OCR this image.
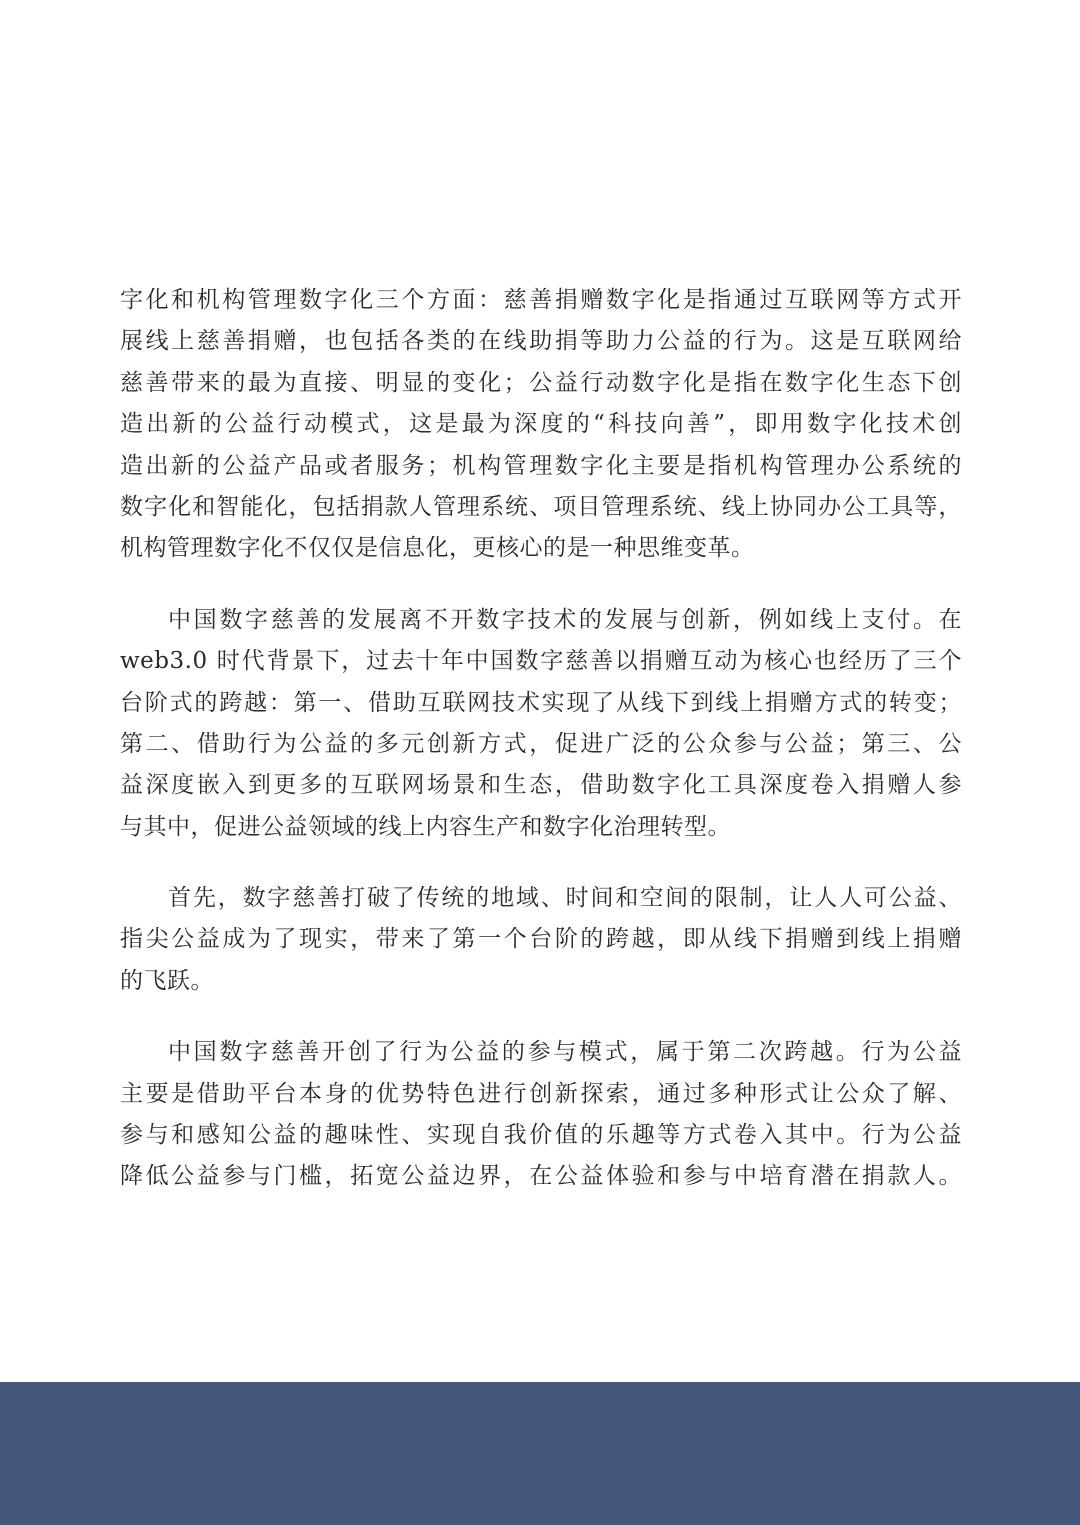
字化和机构管理数字化三个方面：慈善捐赠数字化是指通过互联网等方式开
展线上慈善捐赠，也包括各类的在线助捐等助力公益的行为。这是互联网给
慈善带来的最为直接、明显的变化；公益行动数字化是指在数字化生态下创
造出新的公益行动模式，这是最为深度的“科技向善”，即用数字化技术创
造出新的公益产品或者服务；机构管理数字化主要是指机构管理办公系统的
数字化和智能化，包括捐款人管理系统、项目管理系统、线上协同办公工具等，
机构管理数字化不仅仅是信息化，更核心的是一种思维变革。
中国数字慈善的发展离不开数字技术的发展与创新，例如线上支付。在
web3.0 时代背景下，过去十年中国数字慈善以捐赠互动为核心也经历了三个
台阶式的跨越：第一、借助互联网技术实现了从线下到线上捐赠方式的转变；
第二、借助行为公益的多元创新方式，促进广泛的公众参与公益；第三、公
益深度嵌入到更多的互联网场景和生态，借助数字化工具深度卷入捐赠人参
与其中，促进公益领域的线上内容生产和数字化治理转型。
首先，数字慈善打破了传统的地域、时间和空间的限制，让人人可公益、
指尖公益成为了现实，带来了第一个台阶的跨越，即从线下捐赠到线上捐赠
的飞跃。
中国数字慈善开创了行为公益的参与模式，属于第二次跨越。行为公益
主要是借助平台本身的优势特色进行创新探索，通过多种形式让公众了解、
参与和感知公益的趣味性、实现自我价值的乐趣等方式卷入其中。行为公益
降低公益参与门槛，拓宽公益边界，在公益体验和参与中培育潜在捐款人。
